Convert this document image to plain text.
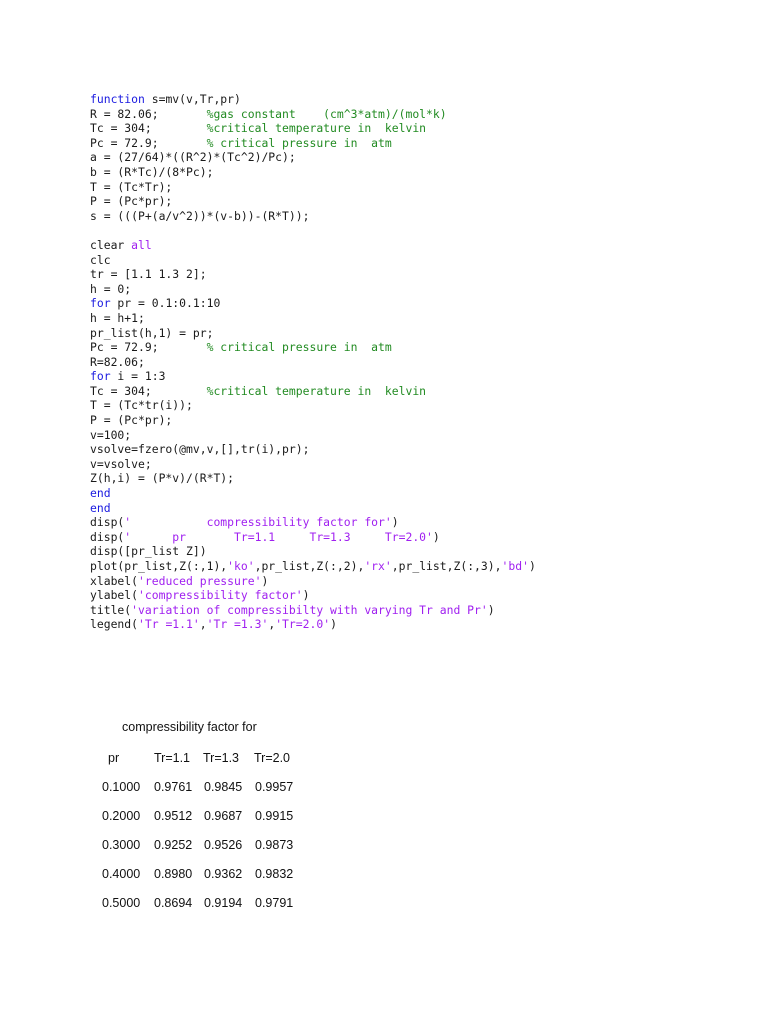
function s=mv(v,Tr,pr)
R = 82.06;       %gas constant    (cm^3*atm)/(mol*k)
Tc = 304;        %critical temperature in  kelvin
Pc = 72.9;       % critical pressure in  atm
a = (27/64)*((R^2)*(Tc^2)/Pc);
b = (R*Tc)/(8*Pc);
T = (Tc*Tr);
P = (Pc*pr);
s = (((P+(a/v^2))*(v-b))-(R*T));
clear all
clc
tr = [1.1 1.3 2];
h = 0;
for pr = 0.1:0.1:10
h = h+1;
pr_list(h,1) = pr;
Pc = 72.9;       % critical pressure in  atm
R=82.06;
for i = 1:3
Tc = 304;        %critical temperature in  kelvin
T = (Tc*tr(i));
P = (Pc*pr);
v=100;
vsolve=fzero(@mv,v,[],tr(i),pr);
v=vsolve;
Z(h,i) = (P*v)/(R*T);
end
end
disp('           compressibility factor for')
disp('      pr       Tr=1.1     Tr=1.3     Tr=2.0')
disp([pr_list Z])
plot(pr_list,Z(:,1),'ko',pr_list,Z(:,2),'rx',pr_list,Z(:,3),'bd')
xlabel('reduced pressure')
ylabel('compressibility factor')
title('variation of compressibilty with varying Tr and Pr')
legend('Tr =1.1','Tr =1.3','Tr=2.0')
compressibility factor for
pr	Tr=1.1 Tr=1.3 Tr=2.0
0.1000 0.9761 0.9845 0.9957
0.2000 0.9512 0.9687 0.9915
0.3000 0.9252 0.9526 0.9873
0.4000 0.8980 0.9362 0.9832
0.5000 0.8694 0.9194 0.9791
